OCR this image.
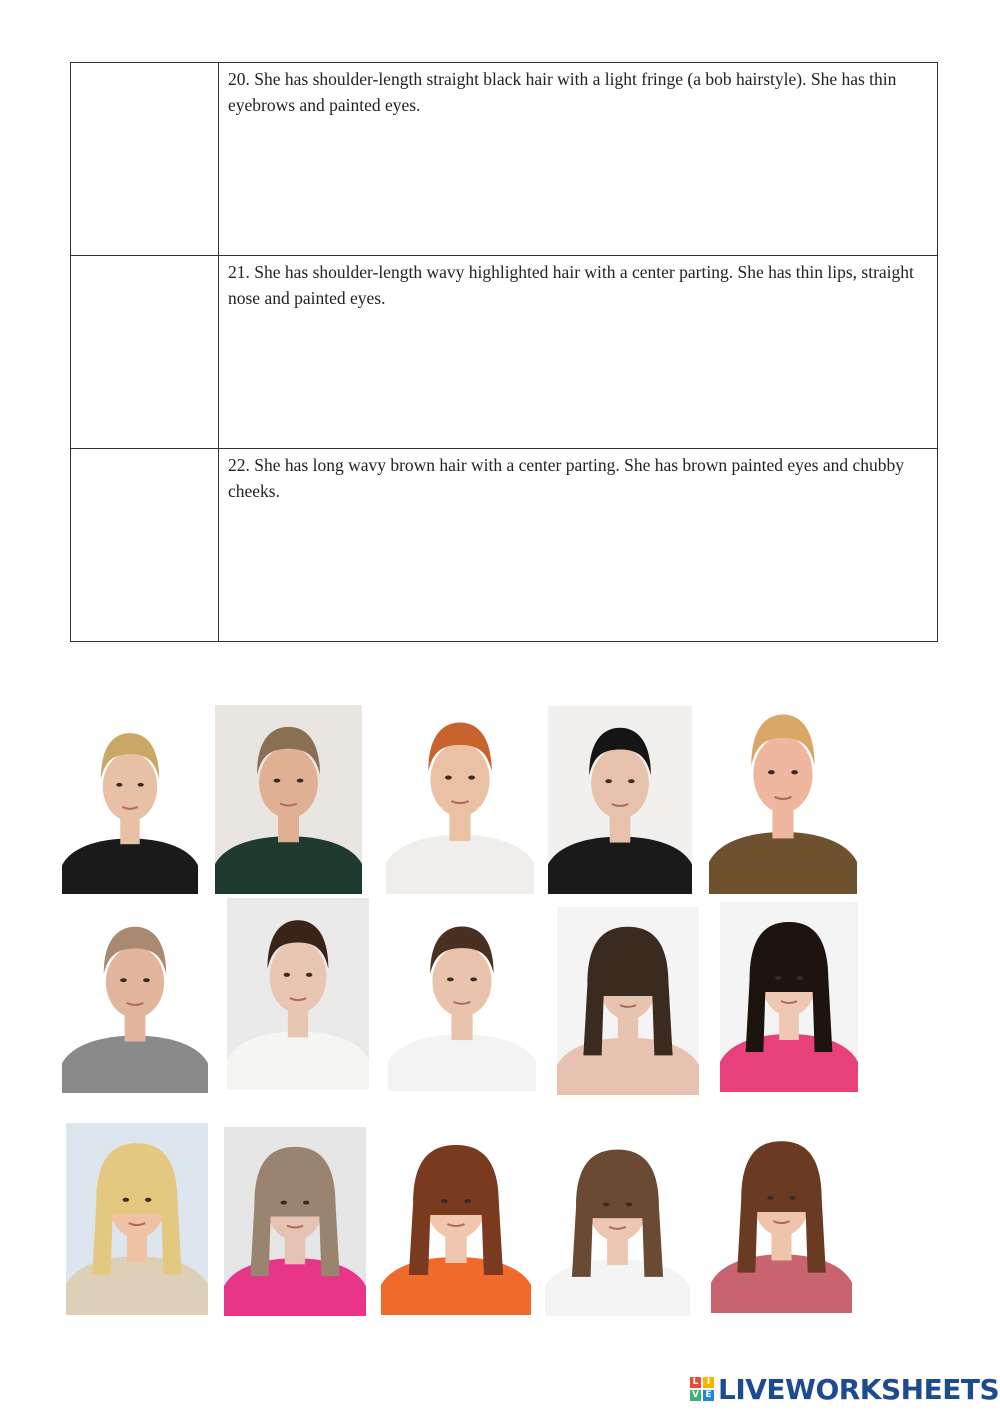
	20. She has shoulder-length straight black hair with a light fringe (a bob hairstyle). She has thin eyebrows and painted eyes.

	21. She has shoulder-length wavy highlighted hair with a center parting. She has thin lips, straight nose and painted eyes.

	22. She has long wavy brown hair with a center parting. She has brown painted eyes and chubby cheeks.
L I
V E LIVEWORKSHEETS
